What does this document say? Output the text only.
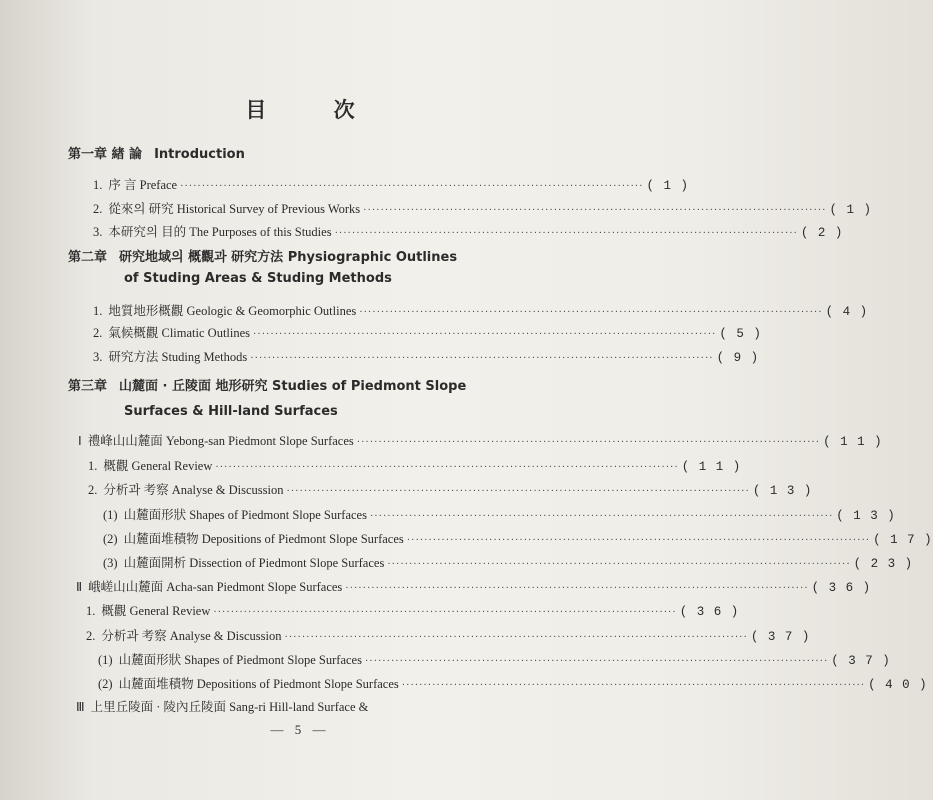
目 次
第一章 緖 論 Introduction
1. 序 言 Preface ··········································································································· ( 1 )
2. 從來의 研究 Historical Survey of Previous Works ··········································································································· ( 1 )
3. 本研究의 目的 The Purposes of this Studies ··········································································································· ( 2 )
第二章 研究地域의 概觀과 研究方法 Physiographic Outlines
of Studing Areas & Studing Methods
1. 地質地形概觀 Geologic & Geomorphic Outlines ··········································································································· ( 4 )
2. 氣候概觀 Climatic Outlines ··········································································································· ( 5 )
3. 研究方法 Studing Methods ··········································································································· ( 9 )
第三章 山麓面 · 丘陵面 地形研究 Studies of Piedmont Slope
Surfaces & Hill-land Surfaces
Ⅰ 禮峰山山麓面 Yebong-san Piedmont Slope Surfaces ··········································································································· ( 1 1 )
1. 概觀 General Review ··········································································································· ( 1 1 )
2. 分析과 考察 Analyse & Discussion ··········································································································· ( 1 3 )
(1) 山麓面形狀 Shapes of Piedmont Slope Surfaces ··········································································································· ( 1 3 )
(2) 山麓面堆積物 Depositions of Piedmont Slope Surfaces ··········································································································· ( 1 7 )
(3) 山麓面開析 Dissection of Piedmont Slope Surfaces ··········································································································· ( 2 3 )
Ⅱ 峨嵯山山麓面 Acha-san Piedmont Slope Surfaces ··········································································································· ( 3 6 )
1. 概觀 General Review ··········································································································· ( 3 6 )
2. 分析과 考察 Analyse & Discussion ··········································································································· ( 3 7 )
(1) 山麓面形狀 Shapes of Piedmont Slope Surfaces ··········································································································· ( 3 7 )
(2) 山麓面堆積物 Depositions of Piedmont Slope Surfaces ··········································································································· ( 4 0 )
Ⅲ 上里丘陵面 · 陵內丘陵面 Sang-ri Hill-land Surface &
— 5 —
